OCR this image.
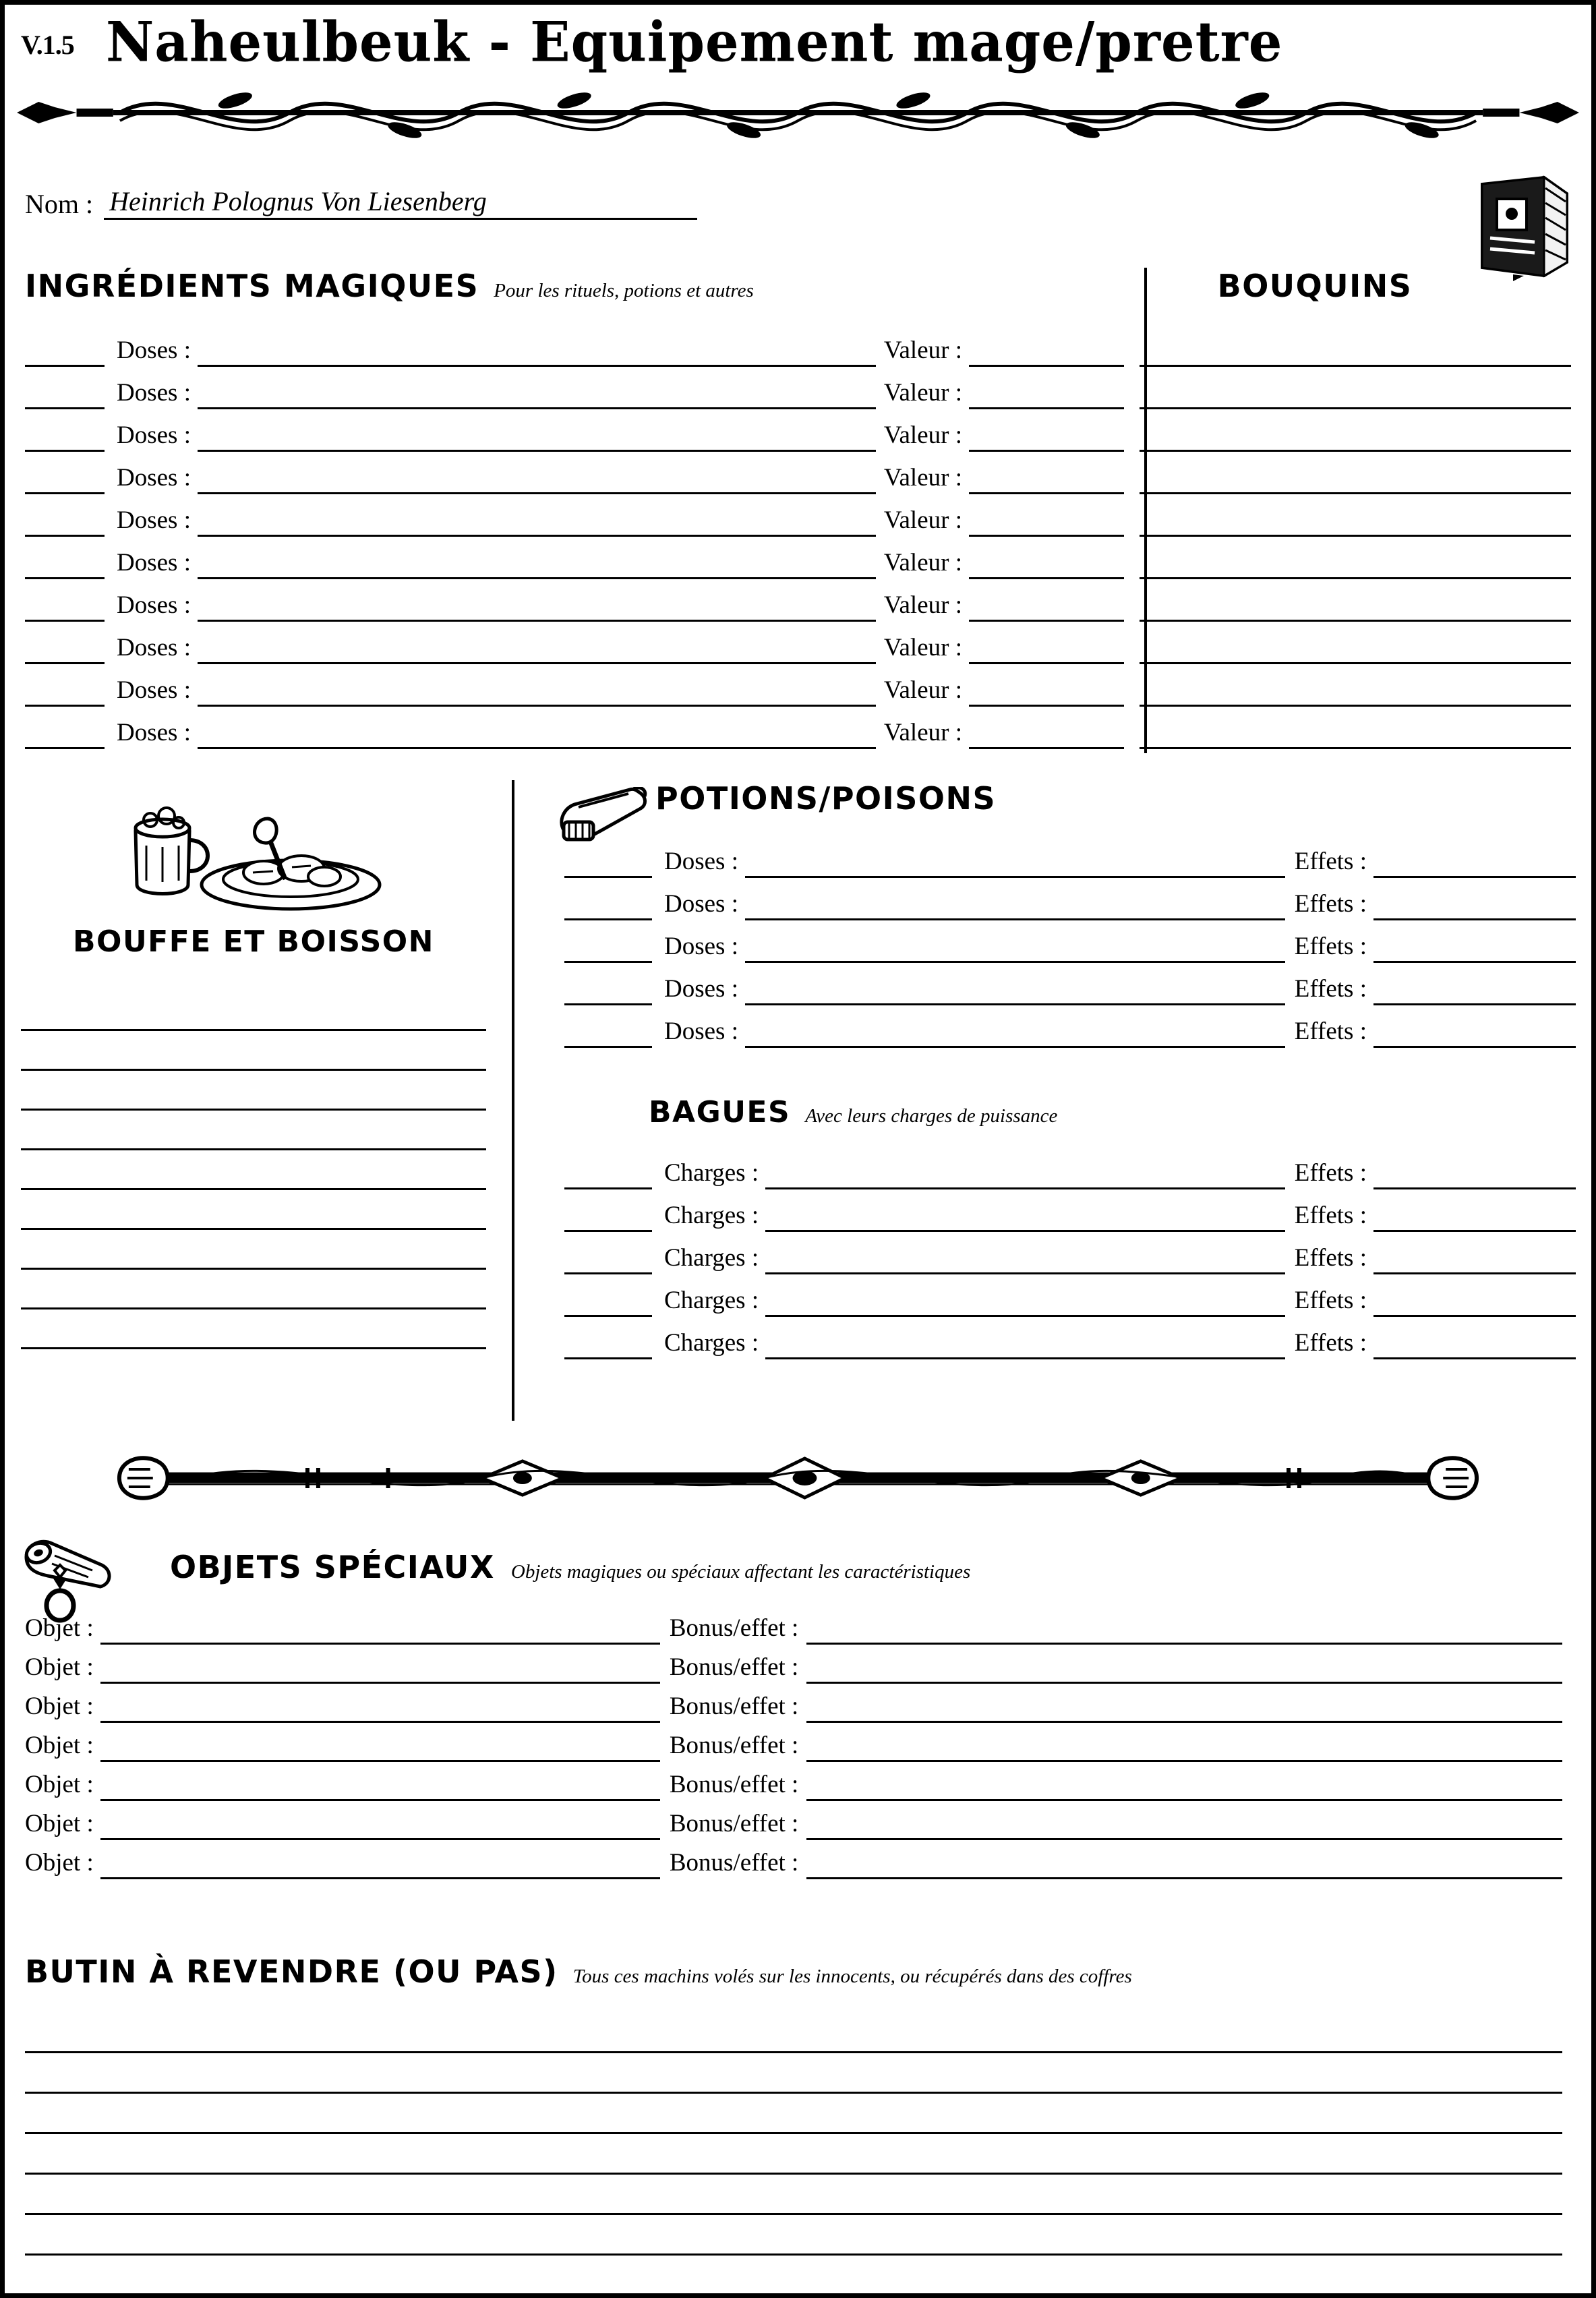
V.1.5 Naheulbeuk - Equipement mage/pretre
Nom : Heinrich Polognus Von Liesenberg
INGRÉDIENTS MAGIQUES Pour les rituels, potions et autres
Doses :	Valeur :
Doses :	Valeur :
Doses :	Valeur :
Doses :	Valeur :
Doses :	Valeur :
Doses :	Valeur :
Doses :	Valeur :
Doses :	Valeur :
Doses :	Valeur :
Doses :	Valeur :
BOUQUINS
BOUFFE ET BOISSON
POTIONS/POISONS
Doses :	Effets :
Doses :	Effets :
Doses :	Effets :
Doses :	Effets :
Doses :	Effets :
BAGUES Avec leurs charges de puissance
Charges :	Effets :
Charges :	Effets :
Charges :	Effets :
Charges :	Effets :
Charges :	Effets :
OBJETS SPÉCIAUX Objets magiques ou spéciaux affectant les caractéristiques
Objet :	Bonus/effet :
Objet :	Bonus/effet :
Objet :	Bonus/effet :
Objet :	Bonus/effet :
Objet :	Bonus/effet :
Objet :	Bonus/effet :
Objet :	Bonus/effet :
BUTIN À REVENDRE (OU PAS) Tous ces machins volés sur les innocents, ou récupérés dans des coffres
